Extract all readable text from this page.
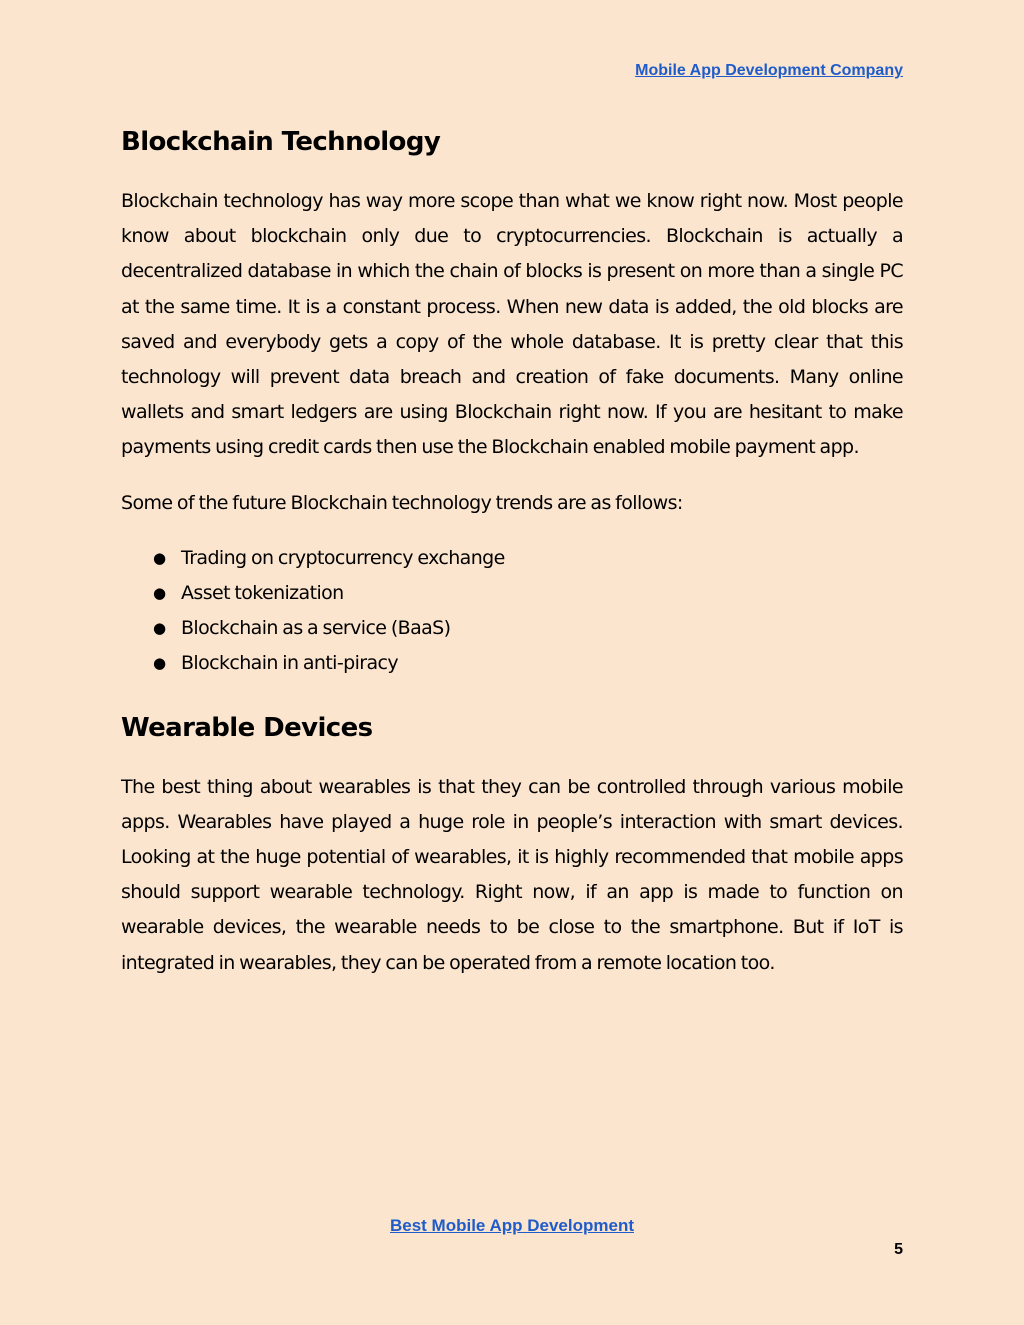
Mobile App Development Company
Blockchain Technology

Blockchain technology has way more scope than what we know right now. Most people know about blockchain only due to cryptocurrencies. Blockchain is actually a decentralized database in which the chain of blocks is present on more than a single PC at the same time. It is a constant process. When new data is added, the old blocks are saved and everybody gets a copy of the whole database. It is pretty clear that this technology will prevent data breach and creation of fake documents. Many online wallets and smart ledgers are using Blockchain right now. If you are hesitant to make payments using credit cards then use the Blockchain enabled mobile payment app.

Some of the future Blockchain technology trends are as follows:

● Trading on cryptocurrency exchange
● Asset tokenization
● Blockchain as a service (BaaS)
● Blockchain in anti-piracy
Wearable Devices

The best thing about wearables is that they can be controlled through various mobile apps. Wearables have played a huge role in people’s interaction with smart devices. Looking at the huge potential of wearables, it is highly recommended that mobile apps should support wearable technology. Right now, if an app is made to function on wearable devices, the wearable needs to be close to the smartphone. But if IoT is integrated in wearables, they can be operated from a remote location too.

Best Mobile App Development
5
